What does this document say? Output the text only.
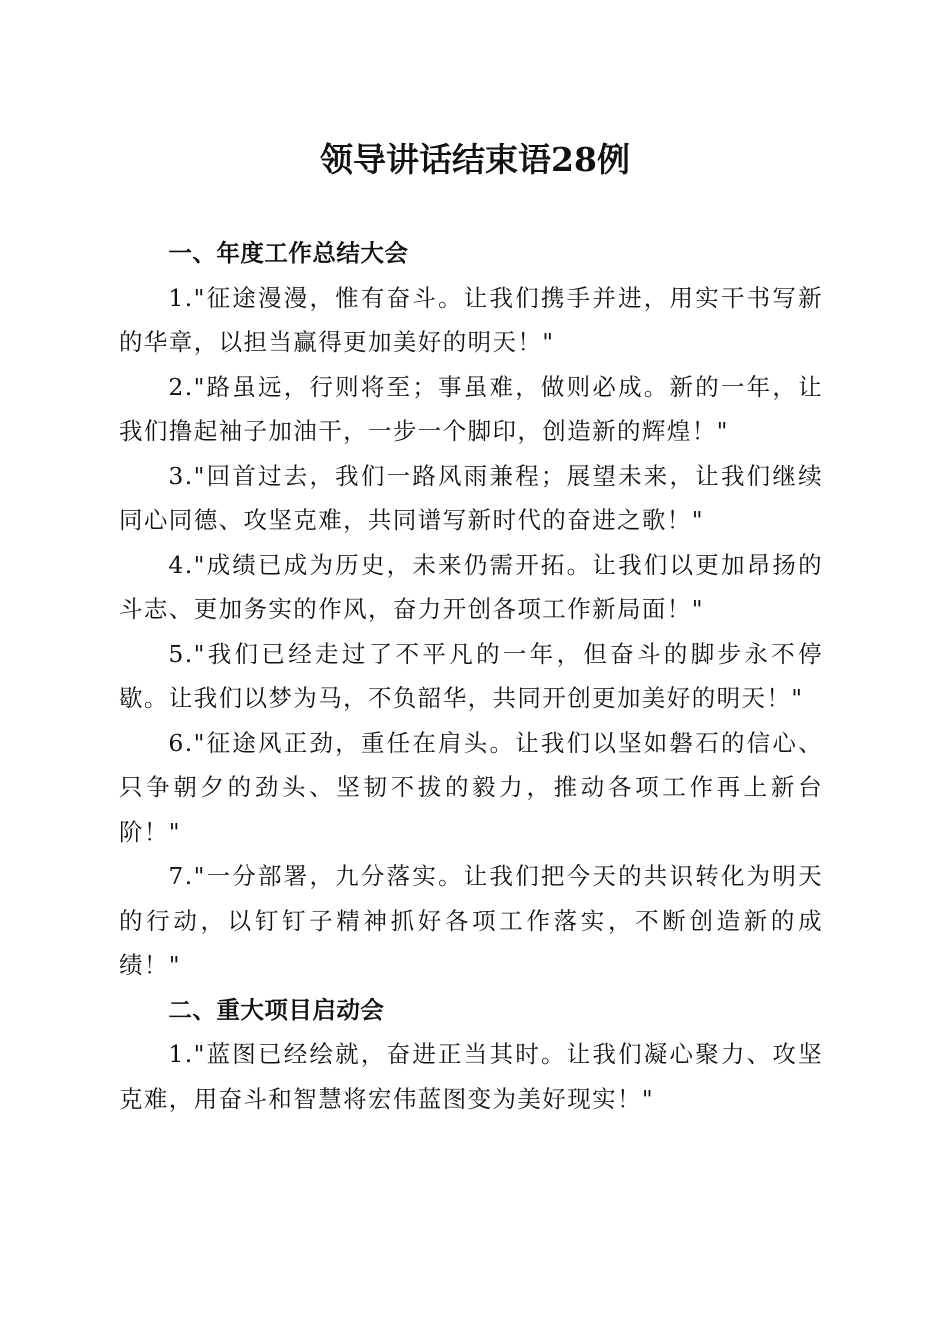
领导讲话结束语28例

一、年度工作总结大会

1."征途漫漫，惟有奋斗。让我们携手并进，用实干书写新的华章，以担当赢得更加美好的明天！"

2."路虽远，行则将至；事虽难，做则必成。新的一年，让我们撸起袖子加油干，一步一个脚印，创造新的辉煌！"

3."回首过去，我们一路风雨兼程；展望未来，让我们继续同心同德、攻坚克难，共同谱写新时代的奋进之歌！"

4."成绩已成为历史，未来仍需开拓。让我们以更加昂扬的斗志、更加务实的作风，奋力开创各项工作新局面！"

5."我们已经走过了不平凡的一年，但奋斗的脚步永不停歇。让我们以梦为马，不负韶华，共同开创更加美好的明天！"

6."征途风正劲，重任在肩头。让我们以坚如磐石的信心、只争朝夕的劲头、坚韧不拔的毅力，推动各项工作再上新台阶！"

7."一分部署，九分落实。让我们把今天的共识转化为明天的行动，以钉钉子精神抓好各项工作落实，不断创造新的成绩！"

二、重大项目启动会

1."蓝图已经绘就，奋进正当其时。让我们凝心聚力、攻坚克难，用奋斗和智慧将宏伟蓝图变为美好现实！"
